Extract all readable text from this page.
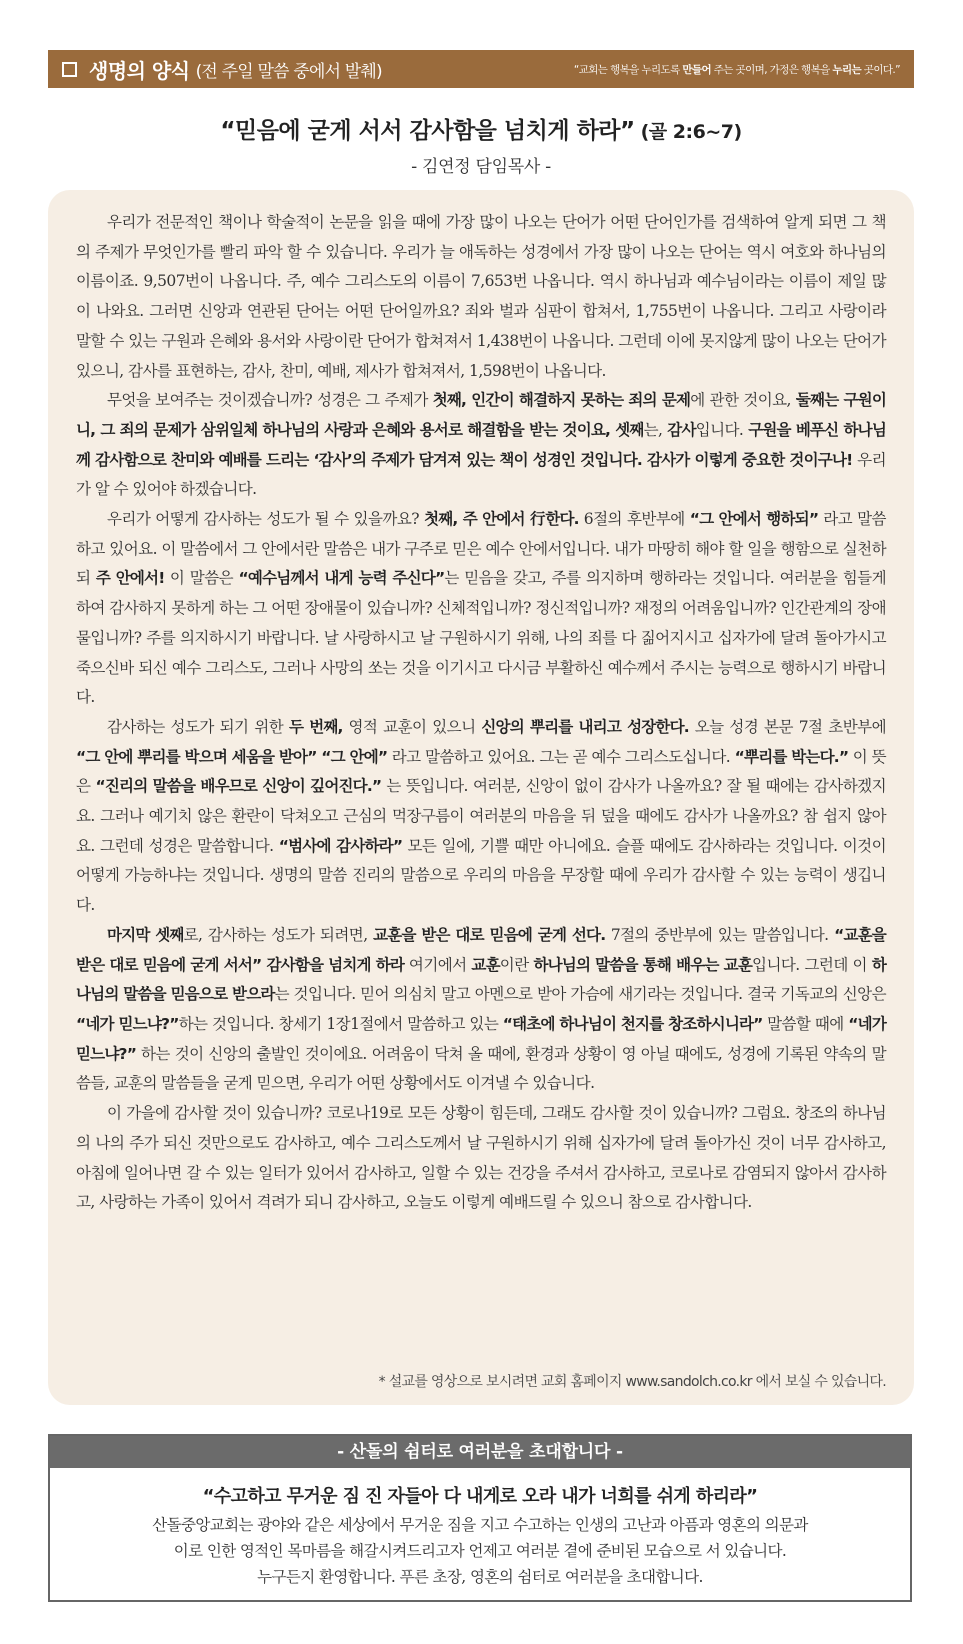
생명의 양식 (전 주일 말씀 중에서 발췌)	“교회는 행복을 누리도록 만들어 주는 곳이며, 가정은 행복을 누리는 곳이다.”
“믿음에 굳게 서서 감사함을 넘치게 하라” (골 2:6~7)
- 김연정 담임목사 -

우리가 전문적인 책이나 학술적이 논문을 읽을 때에 가장 많이 나오는 단어가 어떤 단어인가를 검색하여 알게 되면 그 책의 주제가 무엇인가를 빨리 파악 할 수 있습니다. 우리가 늘 애독하는 성경에서 가장 많이 나오는 단어는 역시 여호와 하나님의 이름이죠. 9,507번이 나옵니다. 주, 예수 그리스도의 이름이 7,653번 나옵니다. 역시 하나님과 예수님이라는 이름이 제일 많이 나와요. 그러면 신앙과 연관된 단어는 어떤 단어일까요? 죄와 벌과 심판이 합쳐서, 1,755번이 나옵니다. 그리고 사랑이라 말할 수 있는 구원과 은혜와 용서와 사랑이란 단어가 합쳐져서 1,438번이 나옵니다. 그런데 이에 못지않게 많이 나오는 단어가 있으니, 감사를 표현하는, 감사, 찬미, 예배, 제사가 합쳐져서, 1,598번이 나옵니다.

무엇을 보여주는 것이겠습니까? 성경은 그 주제가 첫째, 인간이 해결하지 못하는 죄의 문제에 관한 것이요, 둘째는 구원이니, 그 죄의 문제가 삼위일체 하나님의 사랑과 은혜와 용서로 해결함을 받는 것이요, 셋째는, 감사입니다. 구원을 베푸신 하나님께 감사함으로 찬미와 예배를 드리는 ‘감사’의 주제가 담겨져 있는 책이 성경인 것입니다. 감사가 이렇게 중요한 것이구나! 우리가 알 수 있어야 하겠습니다.

우리가 어떻게 감사하는 성도가 될 수 있을까요? 첫째, 주 안에서 行한다. 6절의 후반부에 “그 안에서 행하되” 라고 말씀하고 있어요. 이 말씀에서 그 안에서란 말씀은 내가 구주로 믿은 예수 안에서입니다. 내가 마땅히 해야 할 일을 행함으로 실천하되 주 안에서! 이 말씀은 “예수님께서 내게 능력 주신다”는 믿음을 갖고, 주를 의지하며 행하라는 것입니다. 여러분을 힘들게 하여 감사하지 못하게 하는 그 어떤 장애물이 있습니까? 신체적입니까? 정신적입니까? 재정의 어려움입니까? 인간관계의 장애물입니까? 주를 의지하시기 바랍니다. 날 사랑하시고 날 구원하시기 위해, 나의 죄를 다 짊어지시고 십자가에 달려 돌아가시고 죽으신바 되신 예수 그리스도, 그러나 사망의 쏘는 것을 이기시고 다시금 부활하신 예수께서 주시는 능력으로 행하시기 바랍니다.

감사하는 성도가 되기 위한 두 번째, 영적 교훈이 있으니 신앙의 뿌리를 내리고 성장한다. 오늘 성경 본문 7절 초반부에 “그 안에 뿌리를 박으며 세움을 받아” “그 안에” 라고 말씀하고 있어요. 그는 곧 예수 그리스도십니다. “뿌리를 박는다.” 이 뜻은 “진리의 말씀을 배우므로 신앙이 깊어진다.” 는 뜻입니다. 여러분, 신앙이 없이 감사가 나올까요? 잘 될 때에는 감사하겠지요. 그러나 예기치 않은 환란이 닥쳐오고 근심의 먹장구름이 여러분의 마음을 뒤 덮을 때에도 감사가 나올까요? 참 쉽지 않아요. 그런데 성경은 말씀합니다. “범사에 감사하라” 모든 일에, 기쁠 때만 아니에요. 슬플 때에도 감사하라는 것입니다. 이것이 어떻게 가능하냐는 것입니다. 생명의 말씀 진리의 말씀으로 우리의 마음을 무장할 때에 우리가 감사할 수 있는 능력이 생깁니다.

마지막 셋째로, 감사하는 성도가 되려면, 교훈을 받은 대로 믿음에 굳게 선다. 7절의 중반부에 있는 말씀입니다. “교훈을 받은 대로 믿음에 굳게 서서” 감사함을 넘치게 하라 여기에서 교훈이란 하나님의 말씀을 통해 배우는 교훈입니다. 그런데 이 하나님의 말씀을 믿음으로 받으라는 것입니다. 믿어 의심치 말고 아멘으로 받아 가슴에 새기라는 것입니다. 결국 기독교의 신앙은 “네가 믿느냐?”하는 것입니다. 창세기 1장1절에서 말씀하고 있는 “태초에 하나님이 천지를 창조하시니라” 말씀할 때에 “네가 믿느냐?” 하는 것이 신앙의 출발인 것이에요. 어려움이 닥쳐 올 때에, 환경과 상황이 영 아닐 때에도, 성경에 기록된 약속의 말씀들, 교훈의 말씀들을 굳게 믿으면, 우리가 어떤 상황에서도 이겨낼 수 있습니다.

이 가을에 감사할 것이 있습니까? 코로나19로 모든 상황이 힘든데, 그래도 감사할 것이 있습니까? 그럼요. 창조의 하나님의 나의 주가 되신 것만으로도 감사하고, 예수 그리스도께서 날 구원하시기 위해 십자가에 달려 돌아가신 것이 너무 감사하고, 아침에 일어나면 갈 수 있는 일터가 있어서 감사하고, 일할 수 있는 건강을 주셔서 감사하고, 코로나로 감염되지 않아서 감사하고, 사랑하는 가족이 있어서 격려가 되니 감사하고, 오늘도 이렇게 예배드릴 수 있으니 참으로 감사합니다.

* 설교를 영상으로 보시려면 교회 홈페이지 www.sandolch.co.kr 에서 보실 수 있습니다.
- 산돌의 쉼터로 여러분을 초대합니다 -
“수고하고 무거운 짐 진 자들아 다 내게로 오라 내가 너희를 쉬게 하리라”
산돌중앙교회는 광야와 같은 세상에서 무거운 짐을 지고 수고하는 인생의 고난과 아픔과 영혼의 의문과
이로 인한 영적인 목마름을 해갈시켜드리고자 언제고 여러분 곁에 준비된 모습으로 서 있습니다.
누구든지 환영합니다. 푸른 초장, 영혼의 쉼터로 여러분을 초대합니다.
